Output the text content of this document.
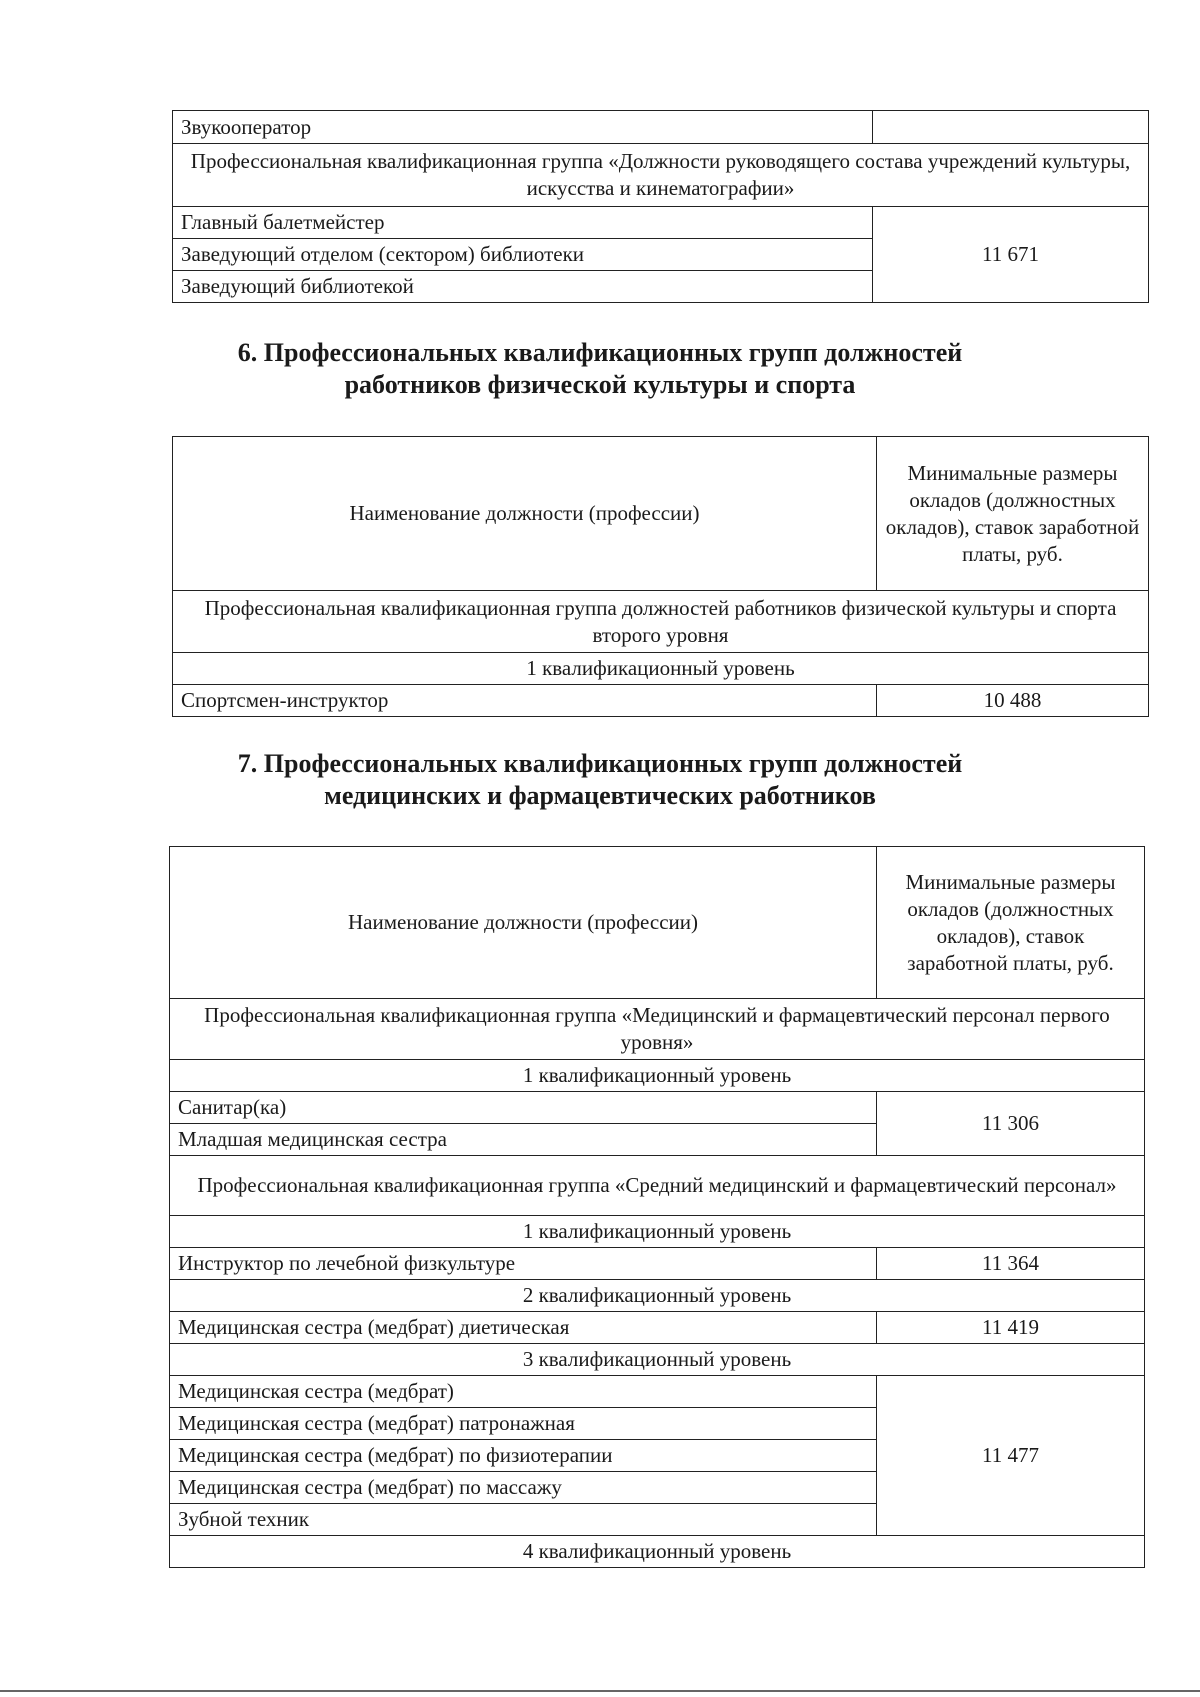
Звукооператор	
Профессиональная квалификационная группа «Должности руководящего состава учреждений культуры, искусства и кинематографии»	
Главный балетмейстер	11 671
Заведующий отделом (сектором) библиотеки	
Заведующий библиотекой	
6. Профессиональных квалификационных групп должностей
работников физической культуры и спорта
Наименование должности (профессии)	Минимальные размеры окладов (должностных окладов), ставок заработной платы, руб.
Профессиональная квалификационная группа должностей работников физической культуры и спорта второго уровня	
1 квалификационный уровень	
Спортсмен-инструктор	10 488
7. Профессиональных квалификационных групп должностей
медицинских и фармацевтических работников
Наименование должности (профессии)	Минимальные размеры окладов (должностных окладов), ставок заработной платы, руб.
Профессиональная квалификационная группа «Медицинский и фармацевтический персонал первого уровня»	
1 квалификационный уровень	
Санитар(ка)	11 306
Младшая медицинская сестра	
Профессиональная квалификационная группа «Средний медицинский и фармацевтический персонал»	
1 квалификационный уровень	
Инструктор по лечебной физкультуре	11 364
2 квалификационный уровень	
Медицинская сестра (медбрат) диетическая	11 419
3 квалификационный уровень	
Медицинская сестра (медбрат)	11 477
Медицинская сестра (медбрат) патронажная	
Медицинская сестра (медбрат) по физиотерапии	
Медицинская сестра (медбрат) по массажу	
Зубной техник	
4 квалификационный уровень	
